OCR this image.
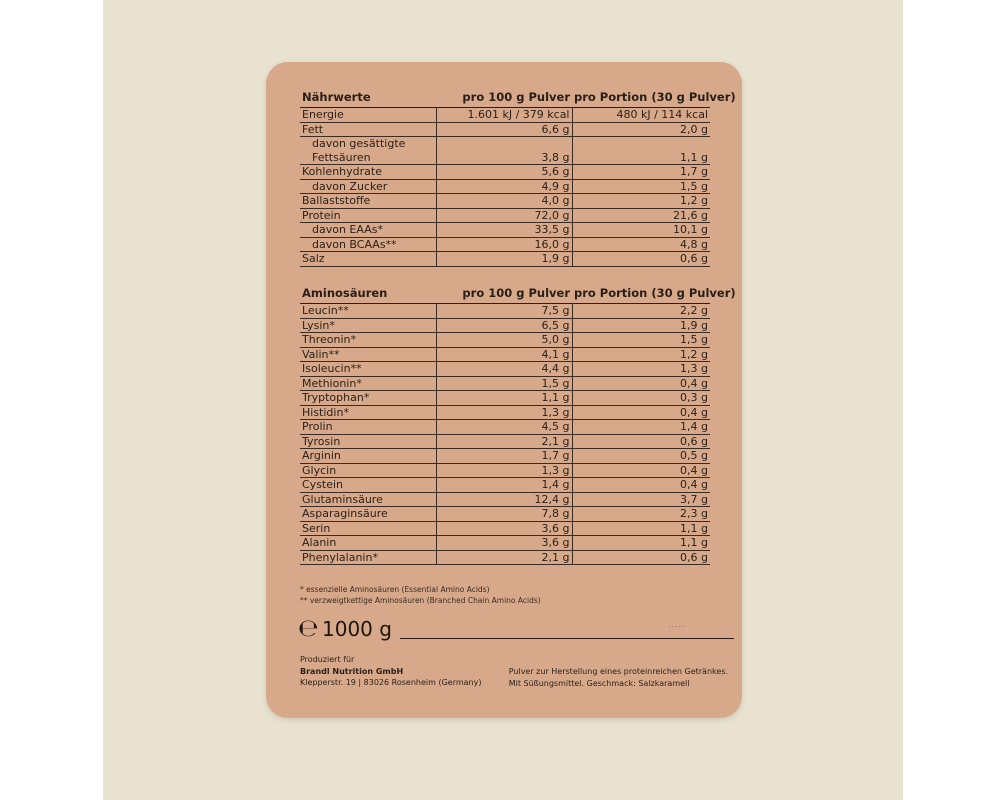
Nährwerte	pro 100 g Pulver	pro Portion (30 g Pulver)
Energie	1.601 kJ / 379 kcal	480 kJ / 114 kcal
Fett	6,6 g	2,0 g
davon gesättigte Fettsäuren	3,8 g	1,1 g
Kohlenhydrate	5,6 g	1,7 g
davon Zucker	4,9 g	1,5 g
Ballaststoffe	4,0 g	1,2 g
Protein	72,0 g	21,6 g
davon EAAs*	33,5 g	10,1 g
davon BCAAs**	16,0 g	4,8 g
Salz	1,9 g	0,6 g
Aminosäuren	pro 100 g Pulver	pro Portion (30 g Pulver)
Leucin**	7,5 g	2,2 g
Lysin*	6,5 g	1,9 g
Threonin*	5,0 g	1,5 g
Valin**	4,1 g	1,2 g
Isoleucin**	4,4 g	1,3 g
Methionin*	1,5 g	0,4 g
Tryptophan*	1,1 g	0,3 g
Histidin*	1,3 g	0,4 g
Prolin	4,5 g	1,4 g
Tyrosin	2,1 g	0,6 g
Arginin	1,7 g	0,5 g
Glycin	1,3 g	0,4 g
Cystein	1,4 g	0,4 g
Glutaminsäure	12,4 g	3,7 g
Asparaginsäure	7,8 g	2,3 g
Serin	3,6 g	1,1 g
Alanin	3,6 g	1,1 g
Phenylalanin*	2,1 g	0,6 g
* essenzielle Aminosäuren (Essential Amino Acids)
** verzweigtkettige Aminosäuren (Branched Chain Amino Acids)
℮ 1000 g	.....
Produziert für
Brandl Nutrition GmbH
Klepperstr. 19 | 83026 Rosenheim (Germany)
Pulver zur Herstellung eines proteinreichen Getränkes.
Mit Süßungsmittel. Geschmack: Salzkaramell
